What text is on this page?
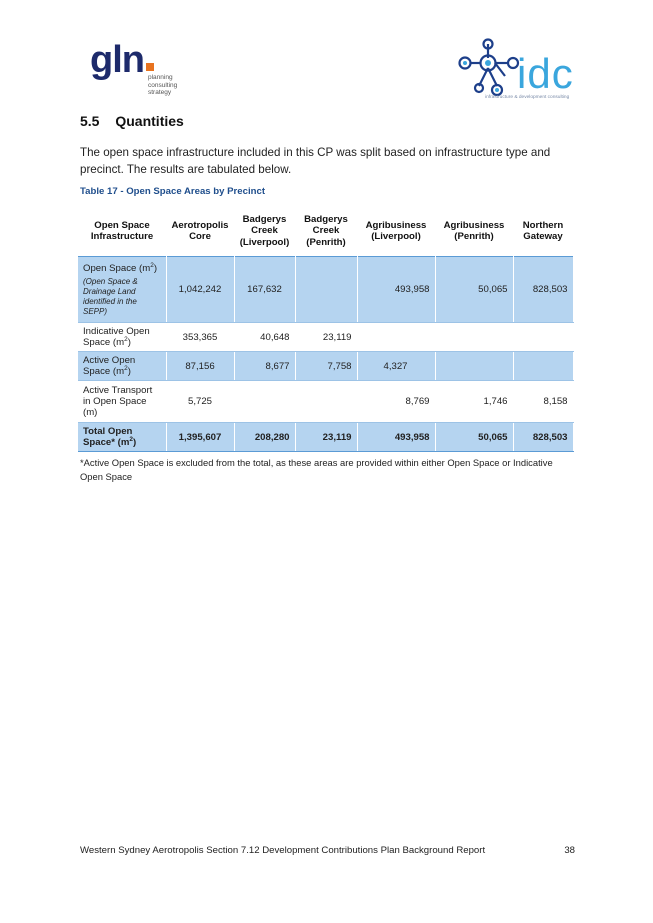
gln planning
consulting
strategy	idc
infrastructure & development consulting
5.5 Quantities
The open space infrastructure included in this CP was split based on infrastructure type and precinct. The results are tabulated below.
Table 17 - Open Space Areas by Precinct
Open Space Infrastructure	Aerotropolis Core	Badgerys Creek (Liverpool)	Badgerys Creek (Penrith)	Agribusiness (Liverpool)	Agribusiness (Penrith)	Northern Gateway
Open Space $(m^2)$
(Open Space & Drainage Land identified in the SEPP)	1,042,242	167,632		493,958	50,065	828,503
Indicative Open Space $(m^2)$	353,365	40,648	23,119			
Active Open Space $(m^2)$	87,156	8,677	7,758	4,327		
Active Transport in Open Space (m)	5,725			8,769	1,746	8,158
Total Open Space* $(m^2)$	1,395,607	208,280	23,119	493,958	50,065	828,503
*Active Open Space is excluded from the total, as these areas are provided within either Open Space or Indicative Open Space
Western Sydney Aerotropolis Section 7.12 Development Contributions Plan Background Report	38
